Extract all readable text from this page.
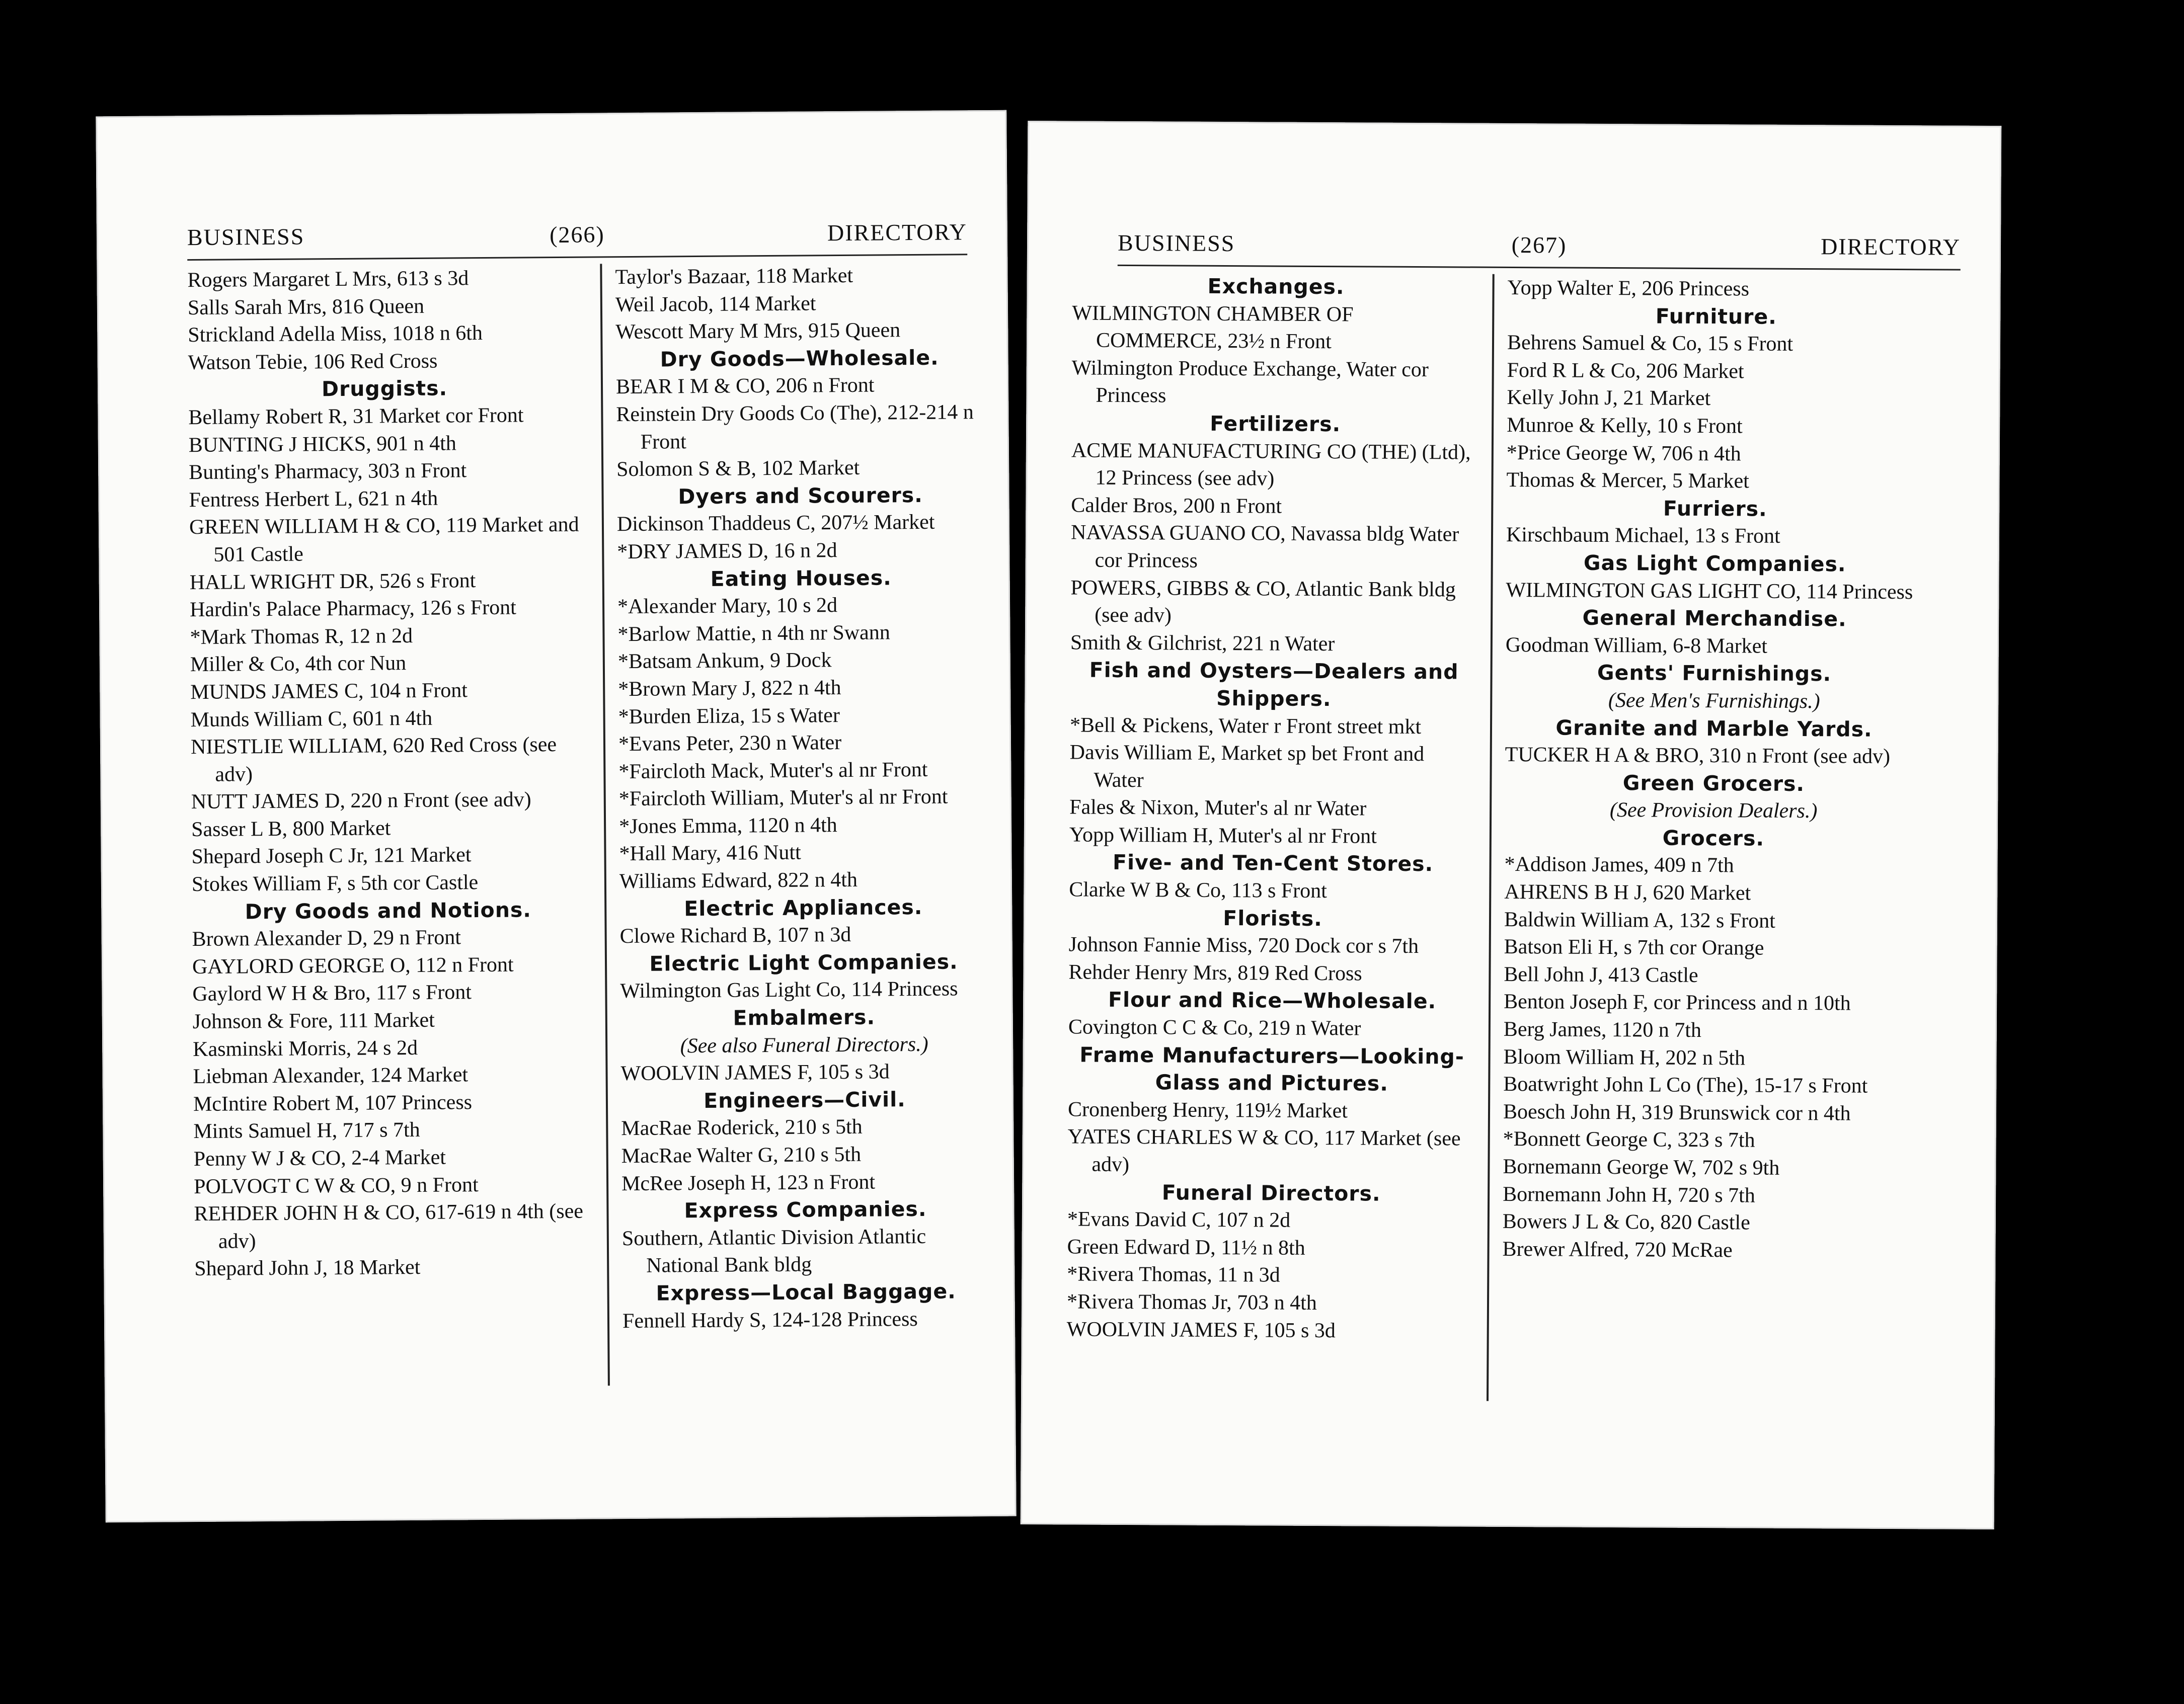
BUSINESS	(266)	DIRECTORY
Rogers Margaret L Mrs, 613 s 3d
Salls Sarah Mrs, 816 Queen
Strickland Adella Miss, 1018 n 6th
Watson Tebie, 106 Red Cross
Druggists.
Bellamy Robert R, 31 Market cor Front
BUNTING J HICKS, 901 n 4th
Bunting's Pharmacy, 303 n Front
Fentress Herbert L, 621 n 4th
GREEN WILLIAM H & CO, 119 Market and 501 Castle
HALL WRIGHT DR, 526 s Front
Hardin's Palace Pharmacy, 126 s Front
*Mark Thomas R, 12 n 2d
Miller & Co, 4th cor Nun
MUNDS JAMES C, 104 n Front
Munds William C, 601 n 4th
NIESTLIE WILLIAM, 620 Red Cross (see adv)
NUTT JAMES D, 220 n Front (see adv)
Sasser L B, 800 Market
Shepard Joseph C Jr, 121 Market
Stokes William F, s 5th cor Castle
Dry Goods and Notions.
Brown Alexander D, 29 n Front
GAYLORD GEORGE O, 112 n Front
Gaylord W H & Bro, 117 s Front
Johnson & Fore, 111 Market
Kasminski Morris, 24 s 2d
Liebman Alexander, 124 Market
McIntire Robert M, 107 Princess
Mints Samuel H, 717 s 7th
Penny W J & CO, 2-4 Market
POLVOGT C W & CO, 9 n Front
REHDER JOHN H & CO, 617-619 n 4th (see adv)
Shepard John J, 18 Market
Taylor's Bazaar, 118 Market
Weil Jacob, 114 Market
Wescott Mary M Mrs, 915 Queen
Dry Goods—Wholesale.
BEAR I M & CO, 206 n Front
Reinstein Dry Goods Co (The), 212-214 n Front
Solomon S & B, 102 Market
Dyers and Scourers.
Dickinson Thaddeus C, 207½ Market
*DRY JAMES D, 16 n 2d
Eating Houses.
*Alexander Mary, 10 s 2d
*Barlow Mattie, n 4th nr Swann
*Batsam Ankum, 9 Dock
*Brown Mary J, 822 n 4th
*Burden Eliza, 15 s Water
*Evans Peter, 230 n Water
*Faircloth Mack, Muter's al nr Front
*Faircloth William, Muter's al nr Front
*Jones Emma, 1120 n 4th
*Hall Mary, 416 Nutt
Williams Edward, 822 n 4th
Electric Appliances.
Clowe Richard B, 107 n 3d
Electric Light Companies.
Wilmington Gas Light Co, 114 Princess
Embalmers.
(See also Funeral Directors.)
WOOLVIN JAMES F, 105 s 3d
Engineers—Civil.
MacRae Roderick, 210 s 5th
MacRae Walter G, 210 s 5th
McRee Joseph H, 123 n Front
Express Companies.
Southern, Atlantic Division Atlantic National Bank bldg
Express—Local Baggage.
Fennell Hardy S, 124-128 Princess
BUSINESS	(267)	DIRECTORY
Exchanges.
WILMINGTON CHAMBER OF COMMERCE, 23½ n Front
Wilmington Produce Exchange, Water cor Princess
Fertilizers.
ACME MANUFACTURING CO (THE) (Ltd), 12 Princess (see adv)
Calder Bros, 200 n Front
NAVASSA GUANO CO, Navassa bldg Water cor Princess
POWERS, GIBBS & CO, Atlantic Bank bldg (see adv)
Smith & Gilchrist, 221 n Water
Fish and Oysters—Dealers and Shippers.
*Bell & Pickens, Water r Front street mkt
Davis William E, Market sp bet Front and Water
Fales & Nixon, Muter's al nr Water
Yopp William H, Muter's al nr Front
Five- and Ten-Cent Stores.
Clarke W B & Co, 113 s Front
Florists.
Johnson Fannie Miss, 720 Dock cor s 7th
Rehder Henry Mrs, 819 Red Cross
Flour and Rice—Wholesale.
Covington C C & Co, 219 n Water
Frame Manufacturers—Looking-Glass and Pictures.
Cronenberg Henry, 119½ Market
YATES CHARLES W & CO, 117 Market (see adv)
Funeral Directors.
*Evans David C, 107 n 2d
Green Edward D, 11½ n 8th
*Rivera Thomas, 11 n 3d
*Rivera Thomas Jr, 703 n 4th
WOOLVIN JAMES F, 105 s 3d
Yopp Walter E, 206 Princess
Furniture.
Behrens Samuel & Co, 15 s Front
Ford R L & Co, 206 Market
Kelly John J, 21 Market
Munroe & Kelly, 10 s Front
*Price George W, 706 n 4th
Thomas & Mercer, 5 Market
Furriers.
Kirschbaum Michael, 13 s Front
Gas Light Companies.
WILMINGTON GAS LIGHT CO, 114 Princess
General Merchandise.
Goodman William, 6-8 Market
Gents' Furnishings.
(See Men's Furnishings.)
Granite and Marble Yards.
TUCKER H A & BRO, 310 n Front (see adv)
Green Grocers.
(See Provision Dealers.)
Grocers.
*Addison James, 409 n 7th
AHRENS B H J, 620 Market
Baldwin William A, 132 s Front
Batson Eli H, s 7th cor Orange
Bell John J, 413 Castle
Benton Joseph F, cor Princess and n 10th
Berg James, 1120 n 7th
Bloom William H, 202 n 5th
Boatwright John L Co (The), 15-17 s Front
Boesch John H, 319 Brunswick cor n 4th
*Bonnett George C, 323 s 7th
Bornemann George W, 702 s 9th
Bornemann John H, 720 s 7th
Bowers J L & Co, 820 Castle
Brewer Alfred, 720 McRae
